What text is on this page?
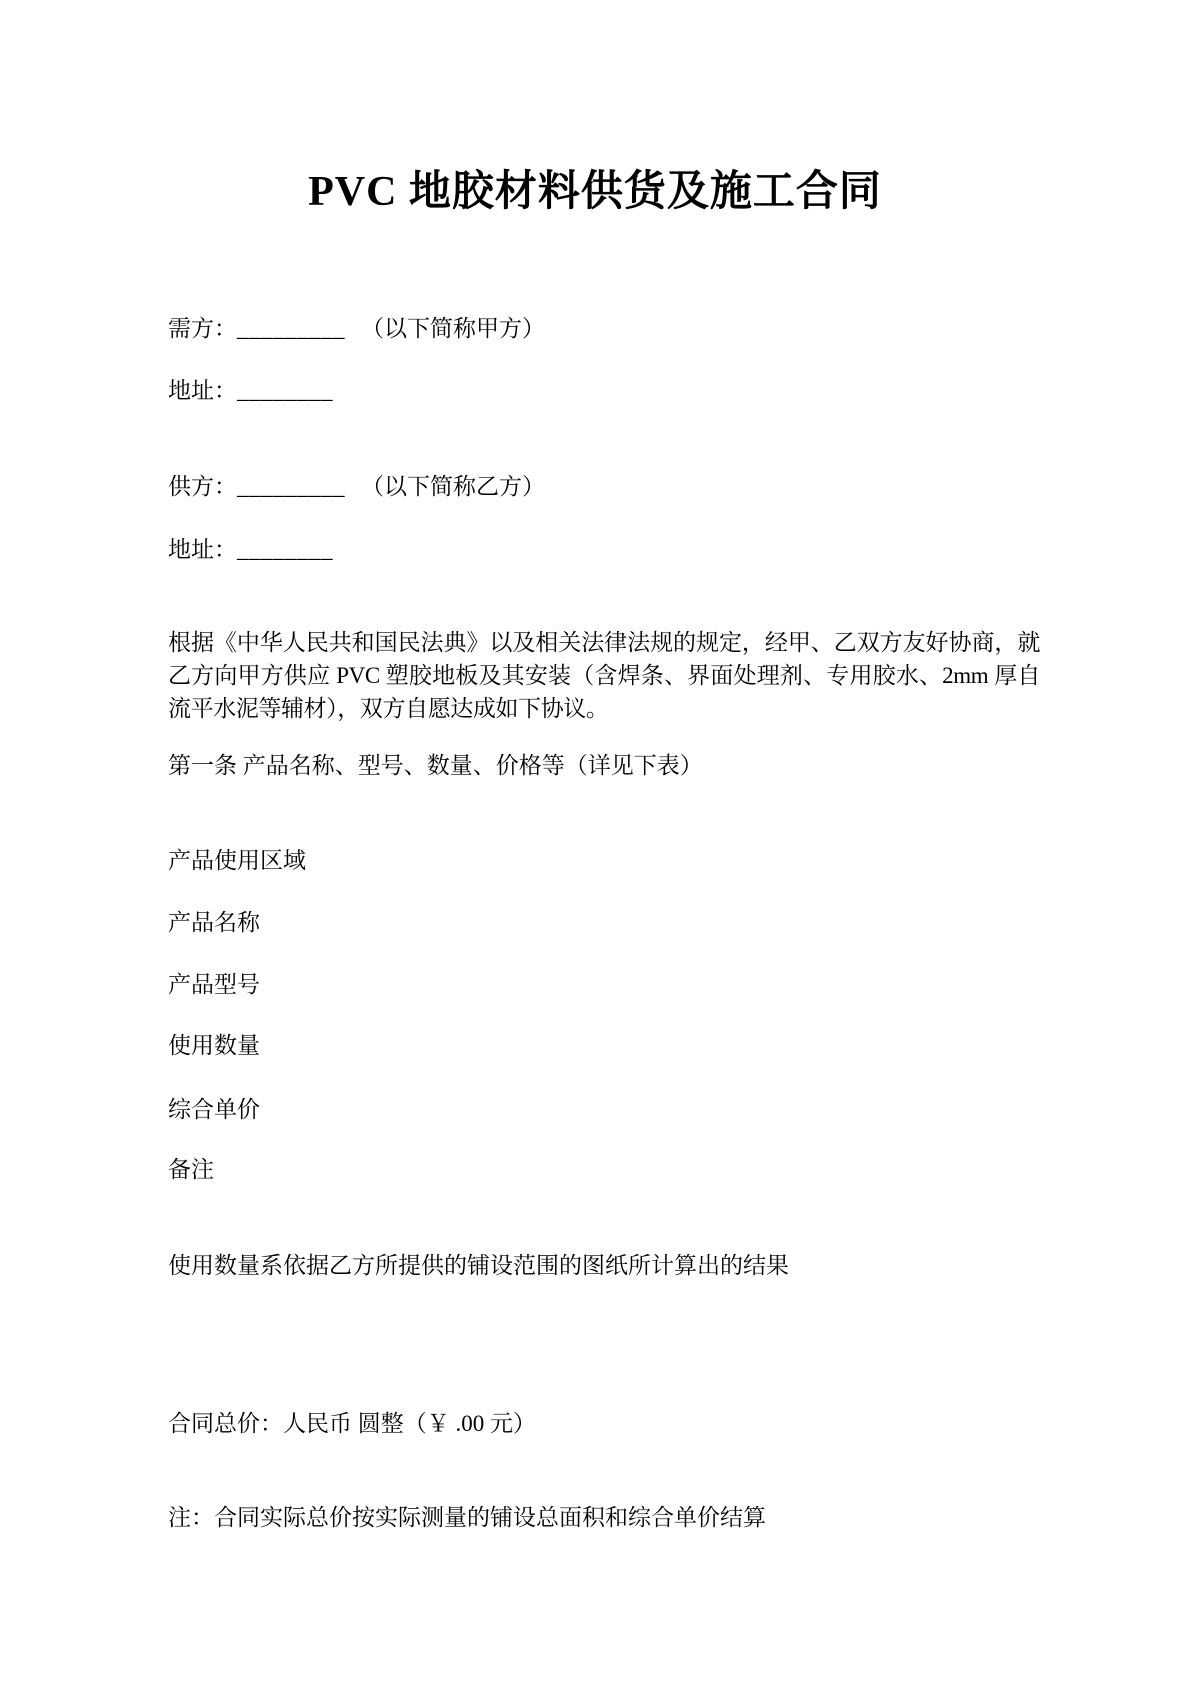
PVC 地胶材料供货及施工合同
需方：_________ （以下简称甲方）
地址：________
供方：_________ （以下简称乙方）
地址：________
根据《中华人民共和国民法典》以及相关法律法规的规定，经甲、乙双方友好协商，就乙方向甲方供应 PVC 塑胶地板及其安装（含焊条、界面处理剂、专用胶水、2mm 厚自流平水泥等辅材），双方自愿达成如下协议。
第一条 产品名称、型号、数量、价格等（详见下表）
产品使用区域
产品名称
产品型号
使用数量
综合单价
备注
使用数量系依据乙方所提供的铺设范围的图纸所计算出的结果
合同总价：人民币 圆整（￥ .00 元）
注：合同实际总价按实际测量的铺设总面积和综合单价结算
